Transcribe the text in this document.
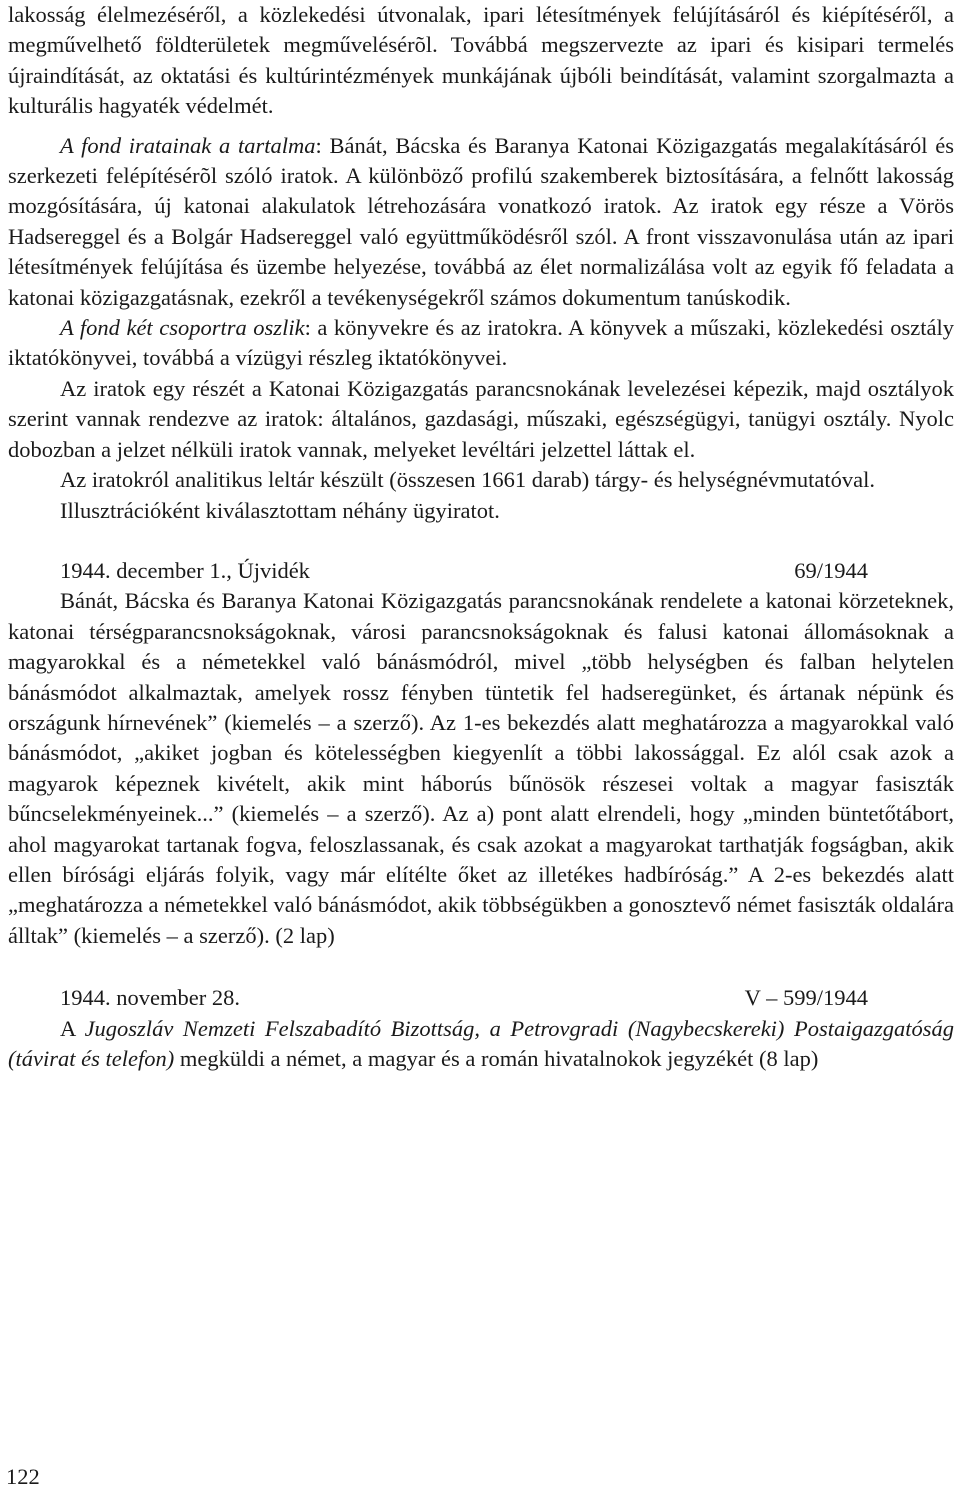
lakosság élelmezéséről, a közlekedési útvonalak, ipari létesítmények felújításáról és kiépítéséről, a megművelhető földterületek megművelésérõl. Továbbá megszervezte az ipari és kisipari termelés újraindítását, az oktatási és kultúrintézmények munkájának újbóli beindítását, valamint szorgalmazta a kulturális hagyaték védelmét.

A fond iratainak a tartalma: Bánát, Bácska és Baranya Katonai Közigazgatás megalakításáról és szerkezeti felépítésérõl szóló iratok. A különböző profilú szakemberek biztosítására, a felnőtt lakosság mozgósítására, új katonai alakulatok létrehozására vonatkozó iratok. Az iratok egy része a Vörös Hadsereggel és a Bolgár Hadsereggel való együttműködésről szól. A front visszavonulása után az ipari létesítmények felújítása és üzembe helyezése, továbbá az élet normalizálása volt az egyik fő feladata a katonai közigazgatásnak, ezekről a tevékenységekről számos dokumentum tanúskodik.

A fond két csoportra oszlik: a könyvekre és az iratokra. A könyvek a műszaki, közlekedési osztály iktatókönyvei, továbbá a vízügyi részleg iktatókönyvei.

Az iratok egy részét a Katonai Közigazgatás parancsnokának levelezései képezik, majd osztályok szerint vannak rendezve az iratok: általános, gazdasági, műszaki, egészségügyi, tanügyi osztály. Nyolc dobozban a jelzet nélküli iratok vannak, melyeket levéltári jelzettel láttak el.

Az iratokról analitikus leltár készült (összesen 1661 darab) tárgy- és helységnévmutatóval.

Illusztrációként kiválasztottam néhány ügyiratot.

1944. december 1., Újvidék	69/1944

Bánát, Bácska és Baranya Katonai Közigazgatás parancsnokának rendelete a katonai körzeteknek, katonai térségparancsnokságoknak, városi parancsnokságoknak és falusi katonai állomásoknak a magyarokkal és a németekkel való bánásmódról, mivel „több helységben és falban helytelen bánásmódot alkalmaztak, amelyek rossz fényben tüntetik fel hadseregünket, és ártanak népünk és országunk hírnevének” (kiemelés – a szerző). Az 1-es bekezdés alatt meghatározza a magyarokkal való bánásmódot, „akiket jogban és kötelességben kiegyenlít a többi lakossággal. Ez alól csak azok a magyarok képeznek kivételt, akik mint háborús bűnösök részesei voltak a magyar fasiszták bűncselekményeinek...” (kiemelés – a szerző). Az a) pont alatt elrendeli, hogy „minden büntetőtábort, ahol magyarokat tartanak fogva, feloszlassanak, és csak azokat a magyarokat tarthatják fogságban, akik ellen bírósági eljárás folyik, vagy már elítélte őket az illetékes hadbíróság.” A 2-es bekezdés alatt „meghatározza a németekkel való bánásmódot, akik többségükben a gonosztevő német fasiszták oldalára álltak” (kiemelés – a szerző). (2 lap)

1944. november 28.	V – 599/1944

A Jugoszláv Nemzeti Felszabadító Bizottság, a Petrovgradi (Nagybecskereki) Postaigazgatóság (távirat és telefon) megküldi a német, a magyar és a román hivatalnokok jegyzékét (8 lap)

122
